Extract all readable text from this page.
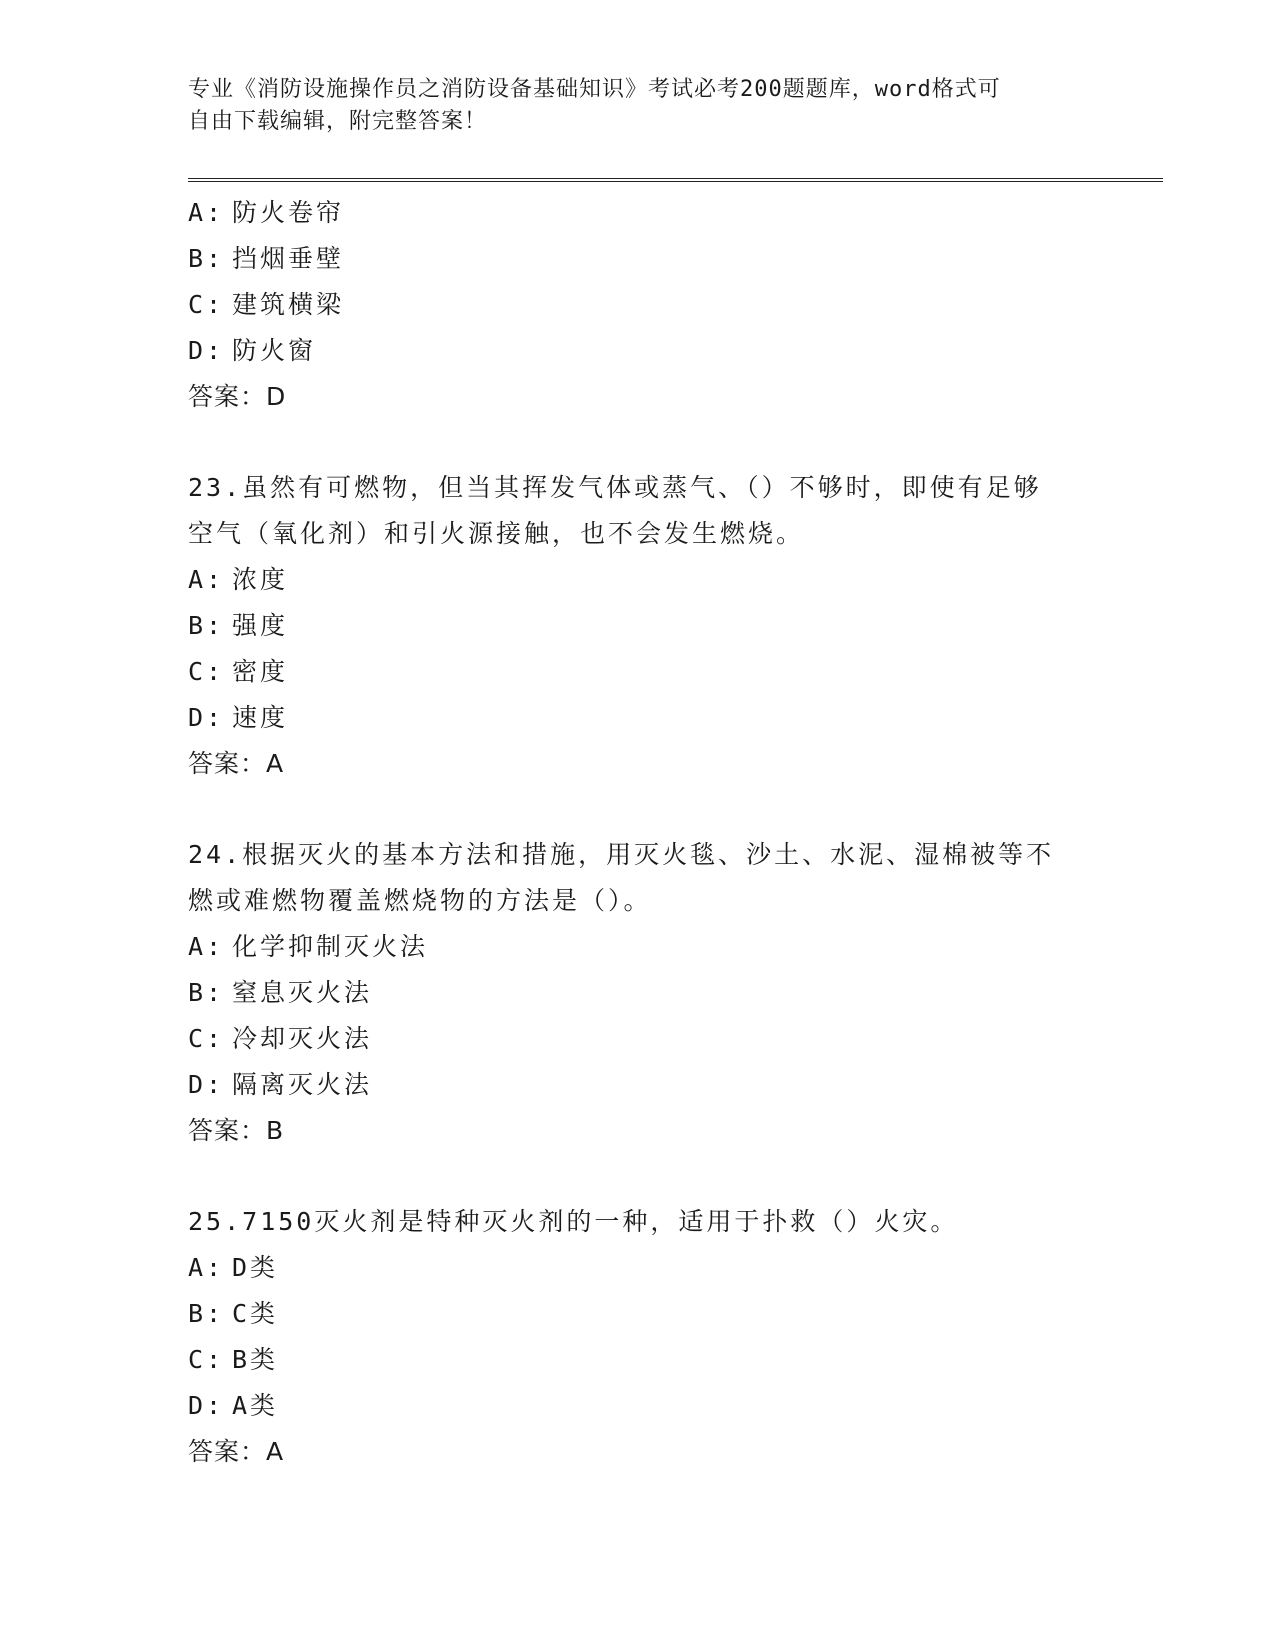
专业《消防设施操作员之消防设备基础知识》考试必考200题题库，word格式可
自由下载编辑，附完整答案！
A: 防火卷帘
B: 挡烟垂壁
C: 建筑横梁
D: 防火窗
答案：D
23.虽然有可燃物，但当其挥发气体或蒸气、（）不够时，即使有足够
空气（氧化剂）和引火源接触，也不会发生燃烧。
A: 浓度
B: 强度
C: 密度
D: 速度
答案：A
24.根据灭火的基本方法和措施，用灭火毯、沙土、水泥、湿棉被等不
燃或难燃物覆盖燃烧物的方法是（）。
A: 化学抑制灭火法
B: 窒息灭火法
C: 冷却灭火法
D: 隔离灭火法
答案：B
25.7150灭火剂是特种灭火剂的一种，适用于扑救（）火灾。
A: D类
B: C类
C: B类
D: A类
答案：A
